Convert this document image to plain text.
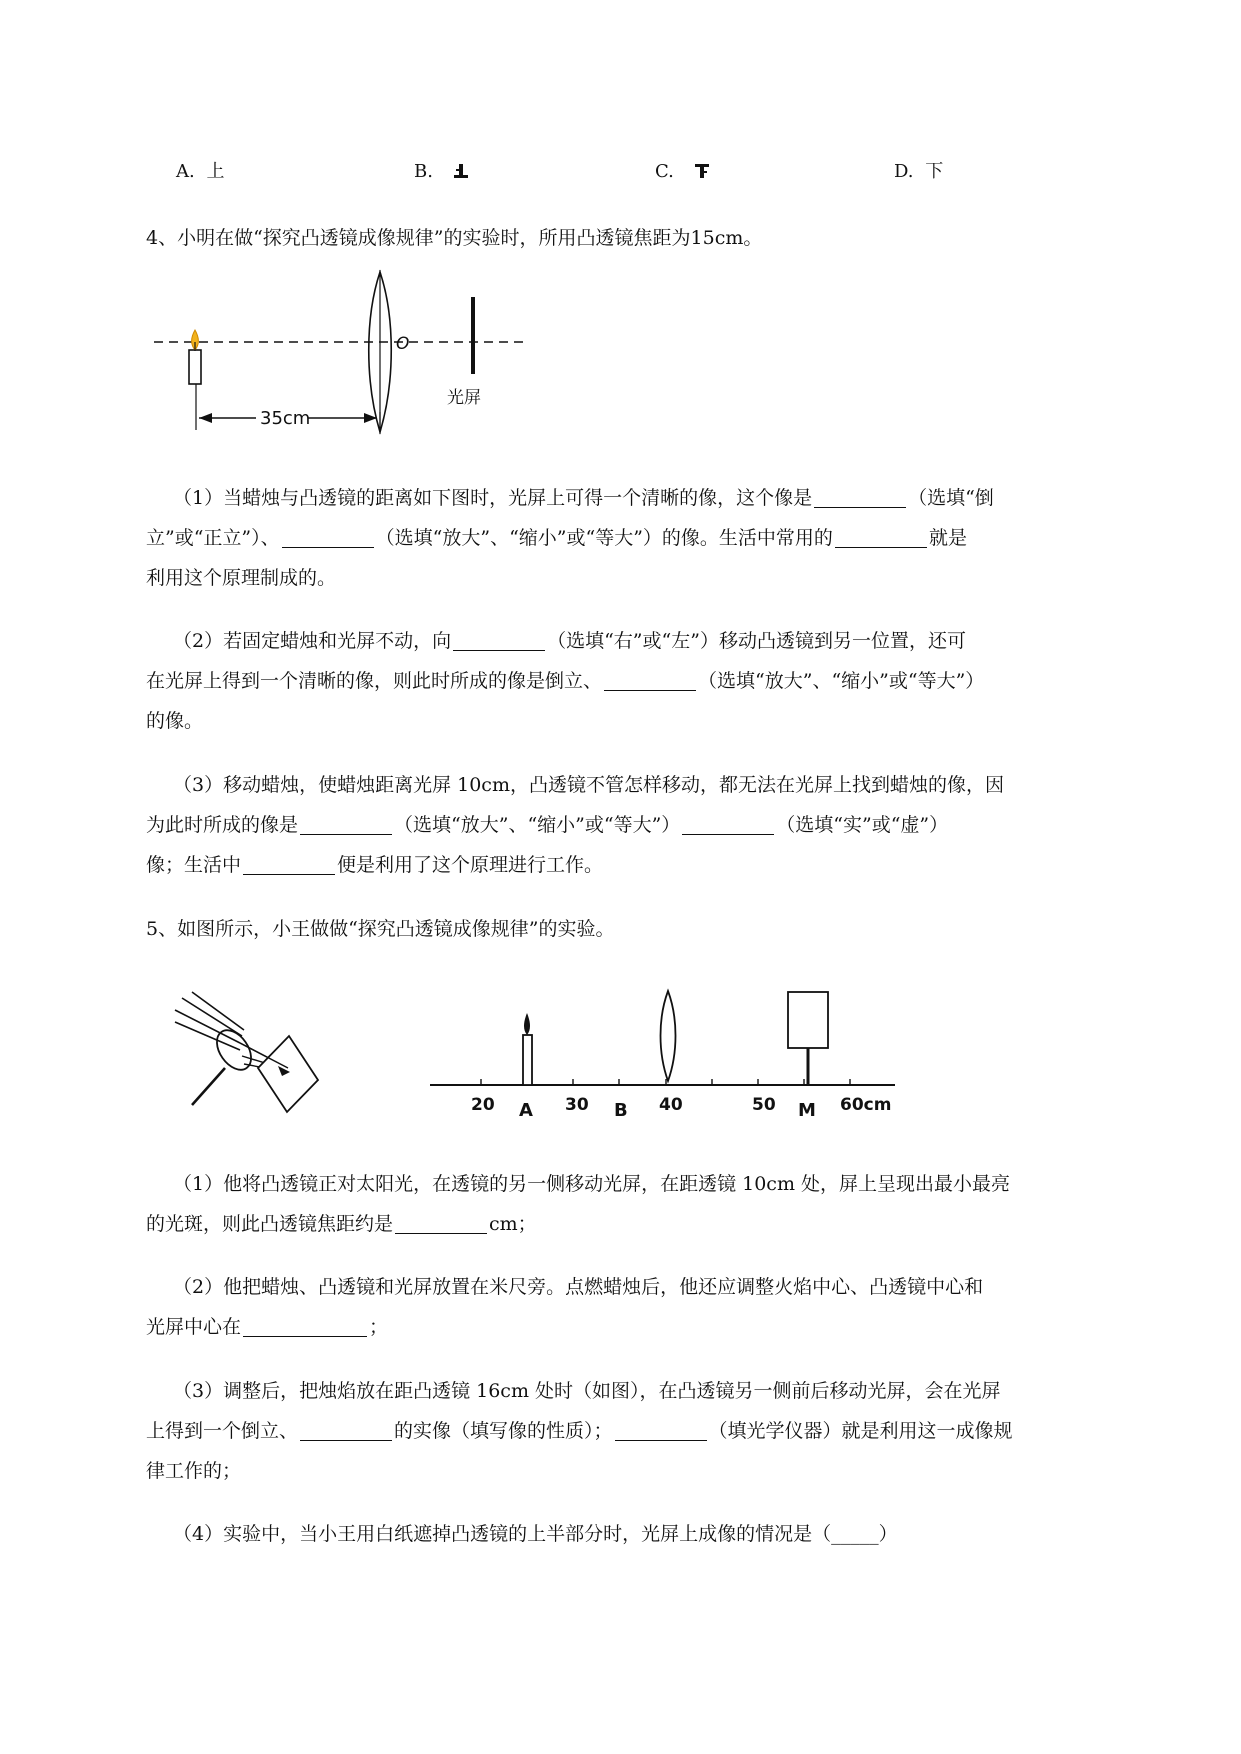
A. 上	B.	C.	D. 下
4、小明在做“探究凸透镜成像规律”的实验时，所用凸透镜焦距为15cm。
O
光屏
35cm
（1）当蜡烛与凸透镜的距离如下图时，光屏上可得一个清晰的像，这个像是	（选填“倒
立”或“正立”）、	（选填“放大”、“缩小”或“等大”）的像。生活中常用的	就是
利用这个原理制成的。
（2）若固定蜡烛和光屏不动，向	（选填“右”或“左”）移动凸透镜到另一位置，还可
在光屏上得到一个清晰的像，则此时所成的像是倒立、	（选填“放大”、“缩小”或“等大”）
的像。
（3）移动蜡烛，使蜡烛距离光屏 10cm，凸透镜不管怎样移动，都无法在光屏上找到蜡烛的像，因
为此时所成的像是	（选填“放大”、“缩小”或“等大”）	（选填“实”或“虚”）
像；生活中	便是利用了这个原理进行工作。
5、如图所示，小王做做“探究凸透镜成像规律”的实验。
20	30	40	50	60cm
A	B	M
（1）他将凸透镜正对太阳光，在透镜的另一侧移动光屏，在距透镜 10cm 处，屏上呈现出最小最亮
的光斑，则此凸透镜焦距约是	cm；
（2）他把蜡烛、凸透镜和光屏放置在米尺旁。点燃蜡烛后，他还应调整火焰中心、凸透镜中心和
光屏中心在	；
（3）调整后，把烛焰放在距凸透镜 16cm 处时（如图），在凸透镜另一侧前后移动光屏，会在光屏
上得到一个倒立、	的实像（填写像的性质）；	（填光学仪器）就是利用这一成像规
律工作的；
（4）实验中，当小王用白纸遮掉凸透镜的上半部分时，光屏上成像的情况是（_____）
